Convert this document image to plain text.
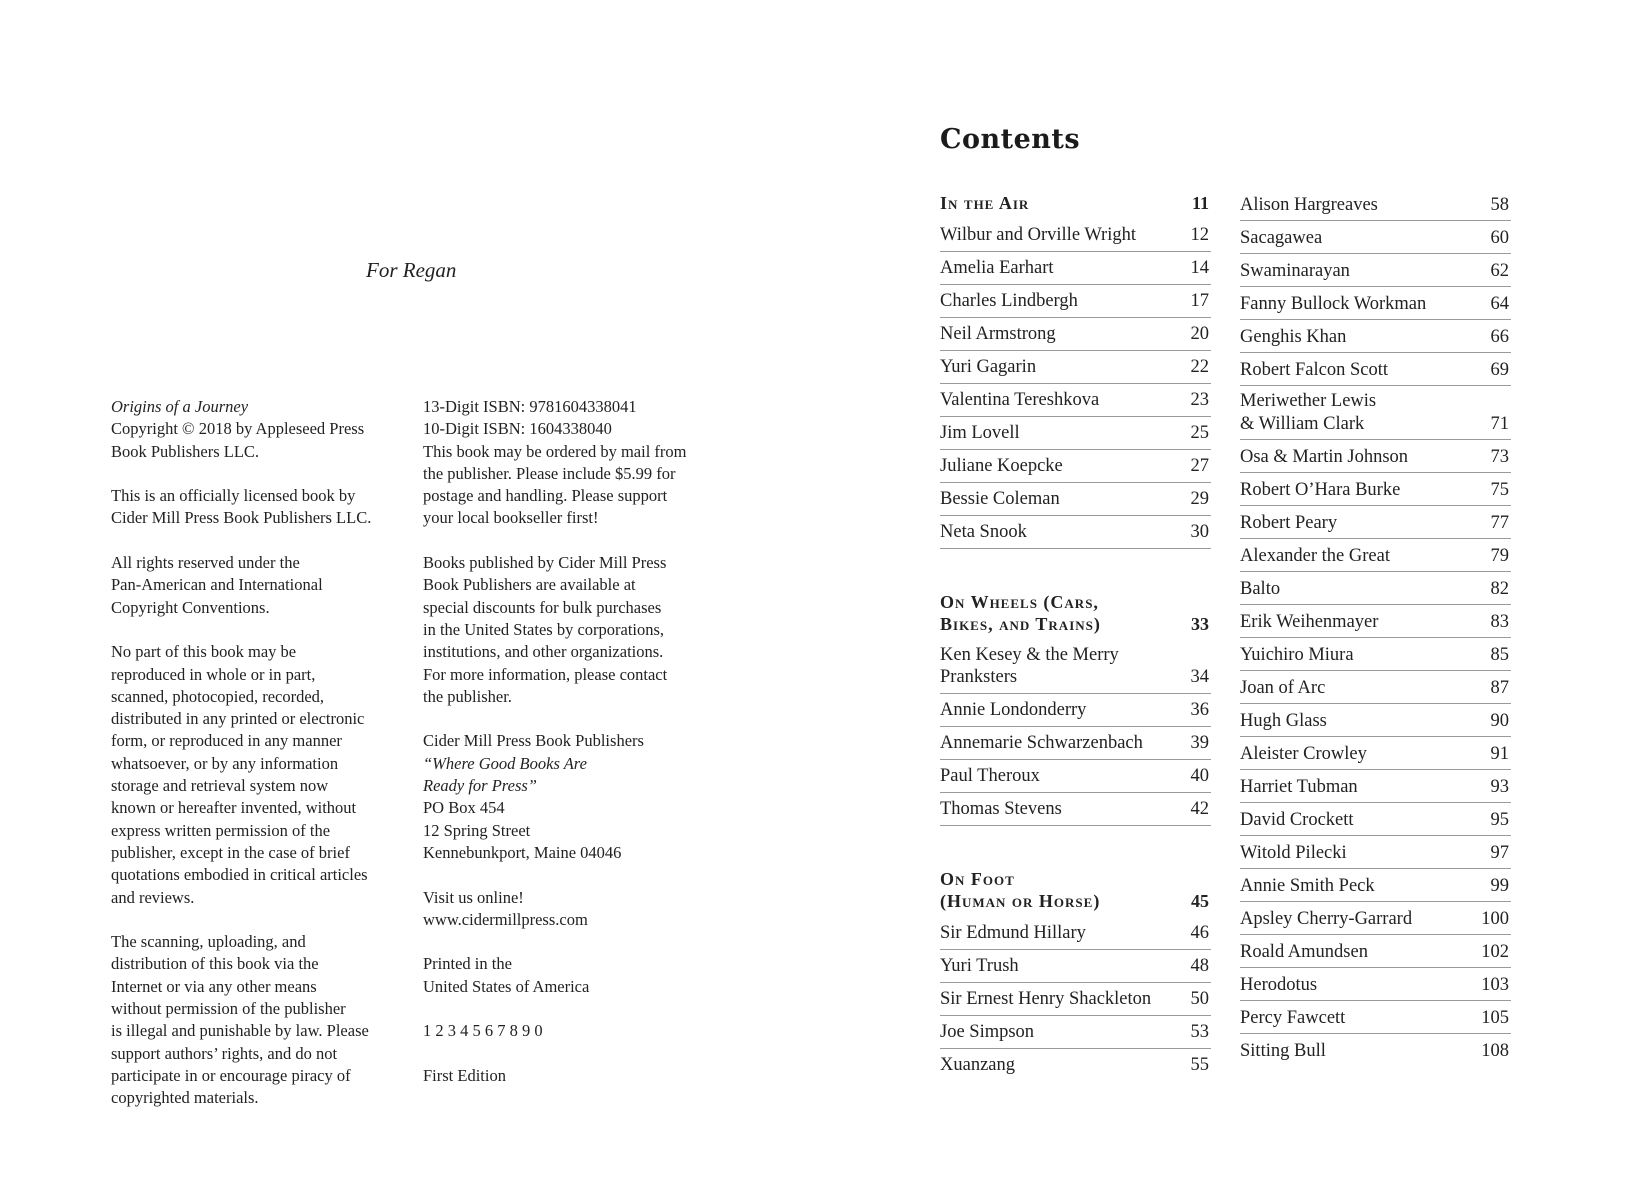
For Regan

Origins of a Journey
Copyright © 2018 by Appleseed Press
Book Publishers LLC.

This is an officially licensed book by
Cider Mill Press Book Publishers LLC.

All rights reserved under the
Pan-American and International
Copyright Conventions.

No part of this book may be
reproduced in whole or in part,
scanned, photocopied, recorded,
distributed in any printed or electronic
form, or reproduced in any manner
whatsoever, or by any information
storage and retrieval system now
known or hereafter invented, without
express written permission of the
publisher, except in the case of brief
quotations embodied in critical articles
and reviews.

The scanning, uploading, and
distribution of this book via the
Internet or via any other means
without permission of the publisher
is illegal and punishable by law. Please
support authors’ rights, and do not
participate in or encourage piracy of
copyrighted materials.

13-Digit ISBN: 9781604338041
10-Digit ISBN: 1604338040
This book may be ordered by mail from
the publisher. Please include $5.99 for
postage and handling. Please support
your local bookseller first!

Books published by Cider Mill Press
Book Publishers are available at
special discounts for bulk purchases
in the United States by corporations,
institutions, and other organizations.
For more information, please contact
the publisher.

Cider Mill Press Book Publishers
“Where Good Books Are
Ready for Press”
PO Box 454
12 Spring Street
Kennebunkport, Maine 04046

Visit us online!
www.cidermillpress.com

Printed in the
United States of America

1 2 3 4 5 6 7 8 9 0

First Edition

Contents
In the Air	11
Wilbur and Orville Wright	12
Amelia Earhart	14
Charles Lindbergh	17
Neil Armstrong	20
Yuri Gagarin	22
Valentina Tereshkova	23
Jim Lovell	25
Juliane Koepcke	27
Bessie Coleman	29
Neta Snook	30
On Wheels (Cars,
Bikes, and Trains)	33
Ken Kesey & the Merry
Pranksters	34
Annie Londonderry	36
Annemarie Schwarzenbach	39
Paul Theroux	40
Thomas Stevens	42
On Foot
(Human or Horse)	45
Sir Edmund Hillary	46
Yuri Trush	48
Sir Ernest Henry Shackleton	50
Joe Simpson	53
Xuanzang	55
Alison Hargreaves	58
Sacagawea	60
Swaminarayan	62
Fanny Bullock Workman	64
Genghis Khan	66
Robert Falcon Scott	69
Meriwether Lewis
& William Clark	71
Osa & Martin Johnson	73
Robert O’Hara Burke	75
Robert Peary	77
Alexander the Great	79
Balto	82
Erik Weihenmayer	83
Yuichiro Miura	85
Joan of Arc	87
Hugh Glass	90
Aleister Crowley	91
Harriet Tubman	93
David Crockett	95
Witold Pilecki	97
Annie Smith Peck	99
Apsley Cherry-Garrard	100
Roald Amundsen	102
Herodotus	103
Percy Fawcett	105
Sitting Bull	108
